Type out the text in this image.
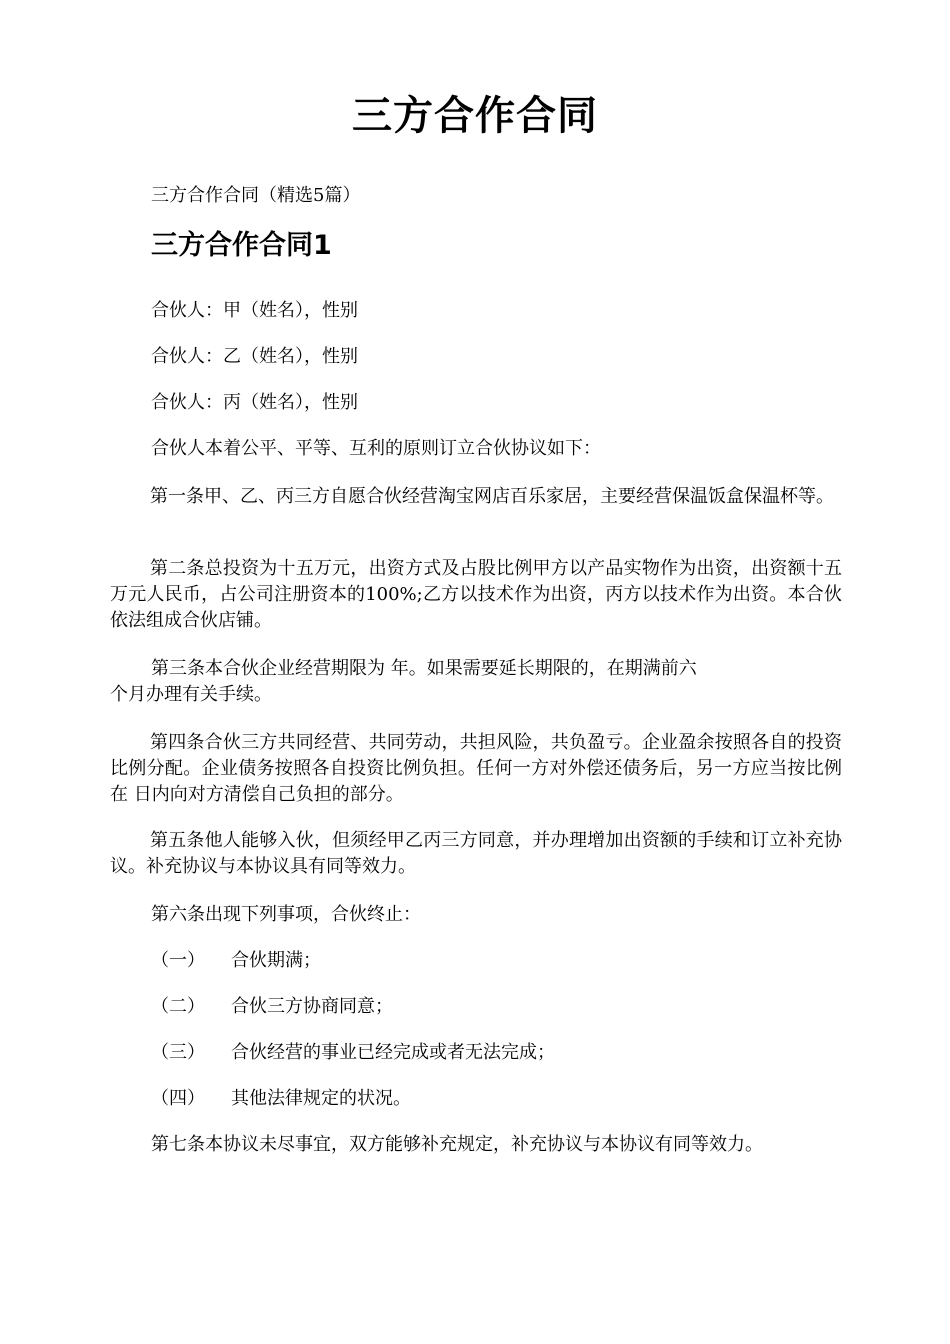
三方合作合同
三方合作合同（精选5篇）
三方合作合同1
合伙人：甲（姓名），性别
合伙人：乙（姓名），性别
合伙人：丙（姓名），性别
合伙人本着公平、平等、互利的原则订立合伙协议如下：
第一条甲、乙、丙三方自愿合伙经营淘宝网店百乐家居，主要经营保温饭盒保温杯等。
第二条总投资为十五万元，出资方式及占股比例甲方以产品实物作为出资，出资额十五万元人民币，占公司注册资本的100%;乙方以技术作为出资，丙方以技术作为出资。本合伙依法组成合伙店铺。
第三条本合伙企业经营期限为 年。如果需要延长期限的，在期满前六
个月办理有关手续。
第四条合伙三方共同经营、共同劳动，共担风险，共负盈亏。企业盈余按照各自的投资比例分配。企业债务按照各自投资比例负担。任何一方对外偿还债务后，另一方应当按比例在 日内向对方清偿自己负担的部分。
第五条他人能够入伙，但须经甲乙丙三方同意，并办理增加出资额的手续和订立补充协议。补充协议与本协议具有同等效力。
第六条出现下列事项，合伙终止：
（一） 合伙期满；
（二） 合伙三方协商同意；
（三） 合伙经营的事业已经完成或者无法完成；
（四） 其他法律规定的状况。
第七条本协议未尽事宜，双方能够补充规定，补充协议与本协议有同等效力。
